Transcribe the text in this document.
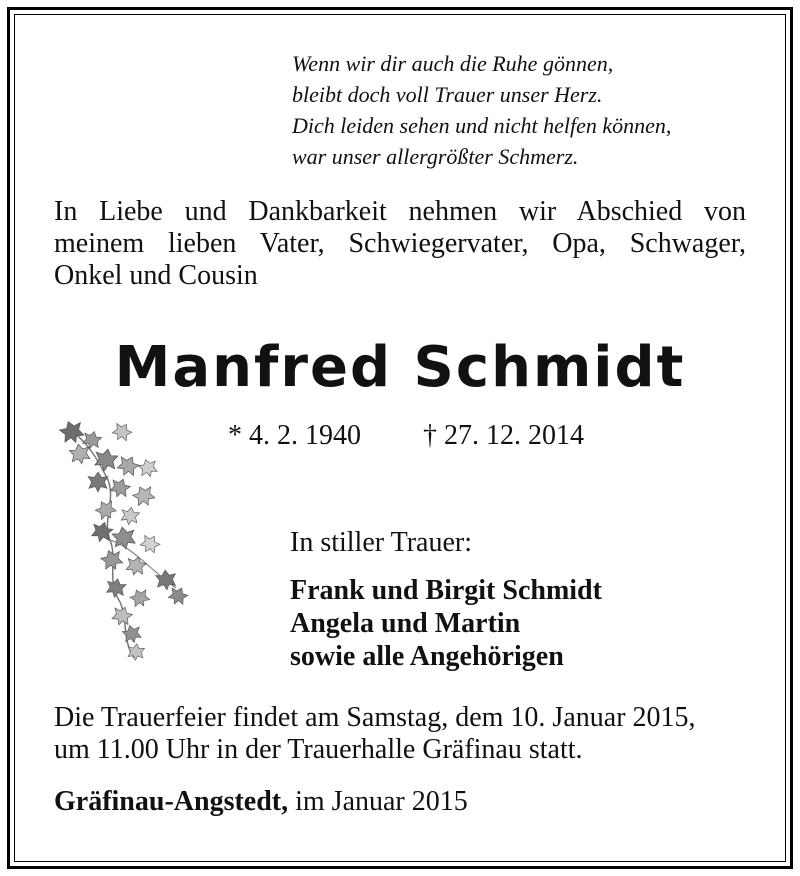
Wenn wir dir auch die Ruhe gönnen,
bleibt doch voll Trauer unser Herz.
Dich leiden sehen und nicht helfen können,
war unser allergrößter Schmerz.
In Liebe und Dankbarkeit nehmen wir Abschied von
meinem lieben Vater, Schwiegervater, Opa, Schwager,
Onkel und Cousin
Manfred Schmidt
* 4. 2. 1940 † 27. 12. 2014
In stiller Trauer:
Frank und Birgit Schmidt
Angela und Martin
sowie alle Angehörigen
Die Trauerfeier findet am Samstag, dem 10. Januar 2015,
um 11.00 Uhr in der Trauerhalle Gräfinau statt.
Gräfinau-Angstedt, im Januar 2015
